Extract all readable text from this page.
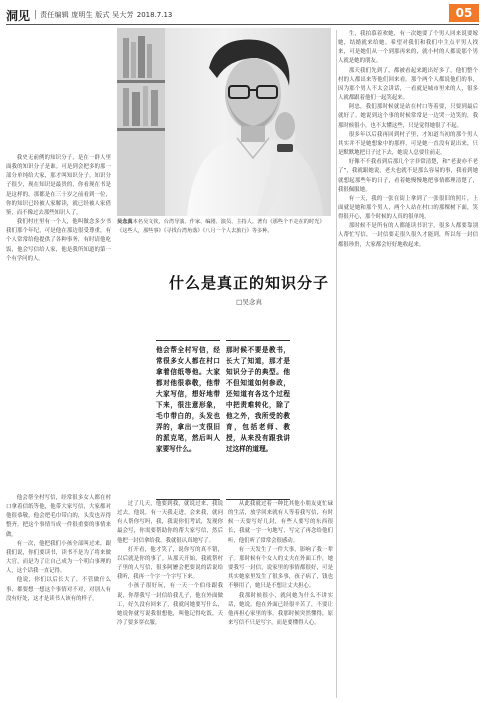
洞见 | 责任编辑 庞明生 版式 吴大芳 2018.7.13	05
吴念真本名吴文钦，台湾导演、作家、编剧、演员、主持人。著有《那些个不走在的时光》《这些人，那些事》《寻找台湾角落》《八月一个人去旅行》等多种。
什么是真正的知识分子
□吴念真

我史无前例的知识分子，是在一群人里面我的知识分子是谁。可是到会把多的那一部分单纯给大家，那才叫知识分子。知识分子很少，现在知识是最贵的，你看现在书是是这样的，那都是在三十岁之前看到一位，你的知识已经被人家解读，就已经被人家借鉴，而不像过去那些知识人了。

我们村庄里有一个人，他叫做念多少书我们那个年纪，可是他在那边很受尊重，有个人常常给他提供了各种事务，有时请他吃饭，他会写信给人家，他是我所知道的第一个有学问的人。

他会帮全村写信，经常很多女人都在村口拿着信纸等他，他带大家写信，大家都对他很恭敬。他会把毛巾带白的，头发也弄得整齐，把这个事情当成一件很重要的事情来做。

有一次，他把我们小孩全部叫过来，跟我们说，你们要读书，读书不是为了将来做大官，而是为了让自己成为一个明白事理的人，这个话我一直记得。

他说，你们以后长大了，不管做什么事，都要想一想这个事情对不对，对别人有没有好处，这才是读书人该有的样子。

他会帮全村写信，经常很多女人都在村口拿着信纸等他。大家都对他很恭敬，他带大家写信，想好地带下来，很注意形象，毛巾带白的，头发也弄的，拿出一支很旧的派克笔，然后叫人家要写什么。
那时候不要是教书，长大了知道，那才是知识分子的典型。他不但知道如何参政，还知道有各这个过程中把责难转化，除了他之外，我所受的教育，包括老师、教授，从来没有跟我讲过这样的道理。

过了几天，他要到我，就说过来，我说过去，他说，有一天我走进，会来我，就问有人帮你写吗，我，我说你们考试，发现你最会写，你需要帮助你的帮大家写信，然后他把一封信拿给我，我就很认真地写了。

打开看，他才笑了，说你写的真不错，以后就是你的事了。从那天开始，我就帮村子里的人写信，很多阿嬷会把要说的话说给我听，我再一个字一个字写下来。

小孩子很好玩，有一天一个伯母跟我说，你帮我写一封信给我儿子，他在外面做工，好久没有回来了，我就问她要写什么，她说你就写说我很想他，叫他记得吃饭，天冷了要多穿衣服。

从此我就过着一种比其他小朋友更忙碌的生活，放学回来就有人等着我写信，有时候一天要写好几封，有些人要写的东西很长，我就一字一句地写，写完了再念给他们听，他们听了常常会很感动。

有一天发生了一件大事，影响了我一辈子。那时候有个女人的丈夫在外面工作，她要我写一封信，说家里的事情都很好，可是其实她家里发生了很多事，孩子病了，钱也不够用了，她只是不想让丈夫担心。

我那时候很小，就问她为什么不讲实话，她说，他在外面已经很辛苦了，不要让他再担心家里的事。我那时候突然懂得，原来写信不只是写字，而是要懂得人心。

生，我拍慕着欢她，有一次她要了个男人回来说要嫁她，结婚就来给她。希望对我们和我们中主点平男人找来，可是她们从一个到那再来的，就小村的人都说那个男人就是她的朋友。

那天我们先到了，都被看起来跑出好多了，他们整个村的人都出来等他们回来看。那个两个人都说他们的事，因为那个男人不太会讲话，一看就是城市里来的人，很多人就都跟着他们一起笑起来。

阿忠，我们那时候就是站在村口等着要，只要到最后就好了。她说到这个事的时候常常是一边哭一边笑的，我那时候很小，也不太懂这些，只是觉得她很了不起。

很多年以后我再回到村子里，才知道当初的那个男人其实并不是她想象中的那样，可是她一直没有说出来，只是默默地把日子过下去，她说人总要往前走。

好像不不我看到后那几个字非常清楚，和“老妻亦不老了”，我就跟她说，老夫也就不是那么容易的事，我看到她就想起那些年的日子，看着她慢慢地把事情都理清楚了，我很佩服她。

有一天，我的一张在街上拿到了一张很旧的照片，上面就是她和那个男人，两个人站在村口的那棵树下面，笑得很开心，那个时候的人真的很单纯。

那时候不是所有的人都能读书识字，很多人都要靠别人帮忙写信，一封信要走很久很久才能到，所以每一封信都很珍贵，大家都会好好地收起来。
